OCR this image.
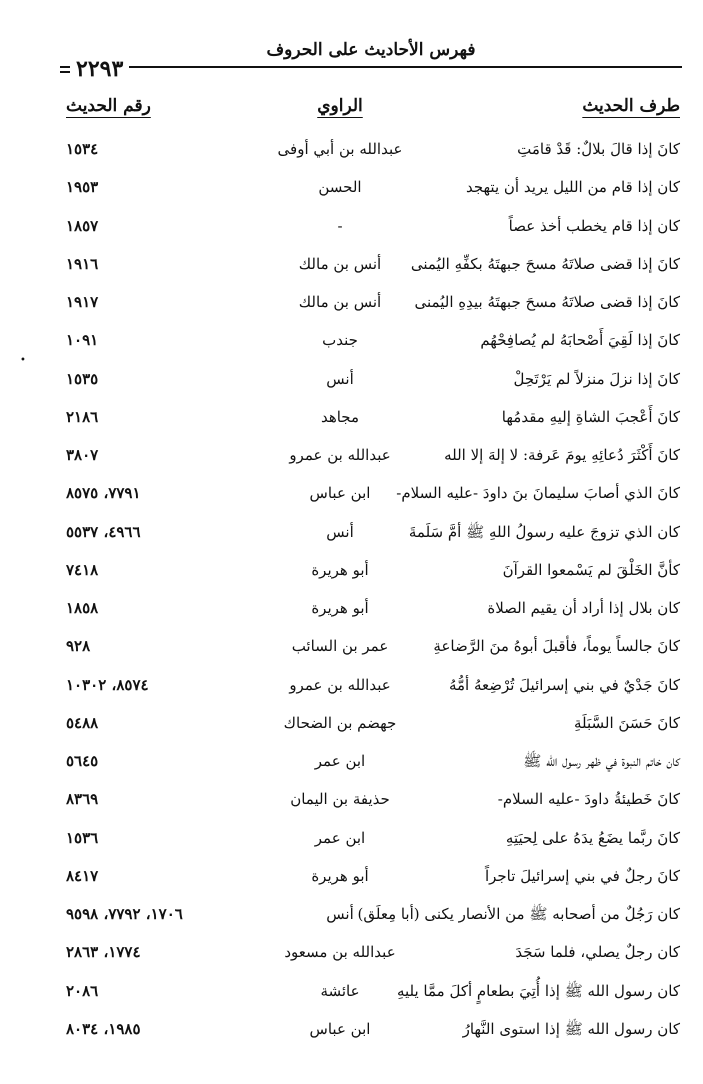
فهرس الأحاديث على الحروف
٢٢٩٣
طرف الحديث
الراوي
رقم الحديث
كانَ إذا قالَ بلالٌ: قَدْ قامَتِ
عبدالله بن أبي أوفى
١٥٣٤
كان إذا قام من الليل يريد أن يتهجد
الحسن
١٩٥٣
كان إذا قام يخطب أخذ عصاً
-
١٨٥٧
كانَ إذا قضى صلاتَهُ مسحَ جبهتَهُ بكفِّهِ اليُمنى
أنس بن مالك
١٩١٦
كانَ إذا قضى صلاتَهُ مسحَ جبهتَهُ بيدِهِ اليُمنى
أنس بن مالك
١٩١٧
كانَ إذا لَقِيَ أَصْحابَهُ لم يُصافِحْهُم
جندب
١٠٩١
كانَ إذا نزلَ منزلاً لم يَرْتَحِلْ
أنس
١٥٣٥
كانَ أَعْجبَ الشاةِ إليهِ مقدمُها
مجاهد
٢١٨٦
كانَ أَكْثَرَ دُعائِهِ يومَ عَرفة: لا إلهَ إلا الله
عبدالله بن عمرو
٣٨٠٧
كانَ الذي أصابَ سليمانَ بنَ داودَ -عليه السلام-
ابن عباس
٧٧٩١، ٨٥٧٥
كان الذي تزوجَ عليه رسولُ اللهِ ﷺ أمَّ سَلَمةَ
أنس
٤٩٦٦، ٥٥٣٧
كأنَّ الخَلْقَ لم يَسْمعوا القرآنَ
أبو هريرة
٧٤١٨
كان بلال إذا أراد أن يقيم الصلاة
أبو هريرة
١٨٥٨
كانَ جالساً يوماً، فأقبلَ أبوهُ منَ الرَّضاعةِ
عمر بن السائب
٩٢٨
كانَ جَدْيٌ في بني إسرائيلَ تُرْضِعهُ أمُّهُ
عبدالله بن عمرو
٨٥٧٤، ١٠٣٠٢
كانَ حَسَنَ السَّبَلَةِ
جهضم بن الضحاك
٥٤٨٨
كان خاتم النبوة في ظهر رسول الله ﷺ
ابن عمر
٥٦٤٥
كانَ خَطيئةُ داودَ -عليه السلام-
حذيفة بن اليمان
٨٣٦٩
كانَ ربَّما يضَعُ يدَهُ على لِحيَتِهِ
ابن عمر
١٥٣٦
كانَ رجلٌ في بني إسرائيلَ تاجراً
أبو هريرة
٨٤١٧
كان رَجُلٌ من أصحابه ﷺ من الأنصار يكنى (أبا مِعلَق)
أنس
١٧٠٦، ٧٧٩٢، ٩٥٩٨
كان رجلٌ يصلي، فلما سَجَدَ
عبدالله بن مسعود
١٧٧٤، ٢٨٦٣
كان رسول الله ﷺ إذا أُتِيَ بطعامٍ أكلَ ممَّا يليهِ
عائشة
٢٠٨٦
كان رسول الله ﷺ إذا استوى النَّهارُ
ابن عباس
١٩٨٥، ٨٠٣٤
•
